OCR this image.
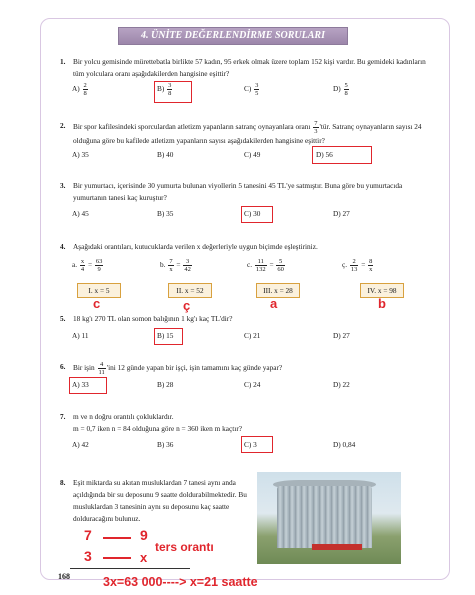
4. ÜNİTE DEĞERLENDİRME SORULARI
1. Bir yolcu gemisinde mürettebatla birlikte 57 kadın, 95 erkek olmak üzere toplam 152 kişi vardır. Bu gemideki kadınların tüm yolculara oranı aşağıdakilerden hangisine eşittir?
$A) \frac{2}{8}$	$B) \frac{3}{8}$	$C) \frac{3}{5}$	$D) \frac{5}{8}$
2. Bir spor kafilesindeki sporculardan atletizm yapanların satranç oynayanlara oranı $\frac{7}{3}$ 'tür. Satranç oynayanların sayısı 24 olduğuna göre bu kafilede atletizm yapanların sayısı aşağıdakilerden hangisine eşittir?
A) 35	B) 40	C) 49	D) 56
3. Bir yumurtacı, içerisinde 30 yumurta bulunan viyollerin 5 tanesini 45 TL'ye satmıştır. Buna göre bu yumurtacıda yumurtanın tanesi kaç kuruştur?
A) 45	B) 35	C) 30	D) 27
4. Aşağıdaki orantıları, kutucuklarda verilen x değerleriyle uygun biçimde eşleştiriniz.
a. $\frac{x}{4} = \frac{63}{9}$	b. $\frac{7}{x} = \frac{3}{42}$	c. $\frac{11}{132} = \frac{5}{60}$	ç. $\frac{2}{13} = \frac{8}{x}$
I. x = 5	II. x = 52	III. x = 28	IV. x = 98
c	ç	a	b
5. 18 kg'ı 270 TL olan somon balığının 1 kg'ı kaç TL'dir?
A) 11	B) 15	C) 21	D) 27
6. Bir işin $\frac{4}{11}$ 'ini 12 günde yapan bir işçi, işin tamamını kaç günde yapar?
A) 33	B) 28	C) 24	D) 22
7. m ve n doğru orantılı çokluklardır.
m = 0,7 iken n = 84 olduğuna göre n = 360 iken m kaçtır?
A) 42	B) 36	C) 3	D) 0,84
8. Eşit miktarda su akıtan musluklardan 7 tanesi aynı anda açıldığında bir su deposunu 9 saatte doldurabilmektedir. Bu musluklardan 3 tanesinin aynı su deposunu kaç saatte dolduracağını bulunuz.
7	9
ters orantı
3	x
3x=63 000----> x=21 saatte
168
